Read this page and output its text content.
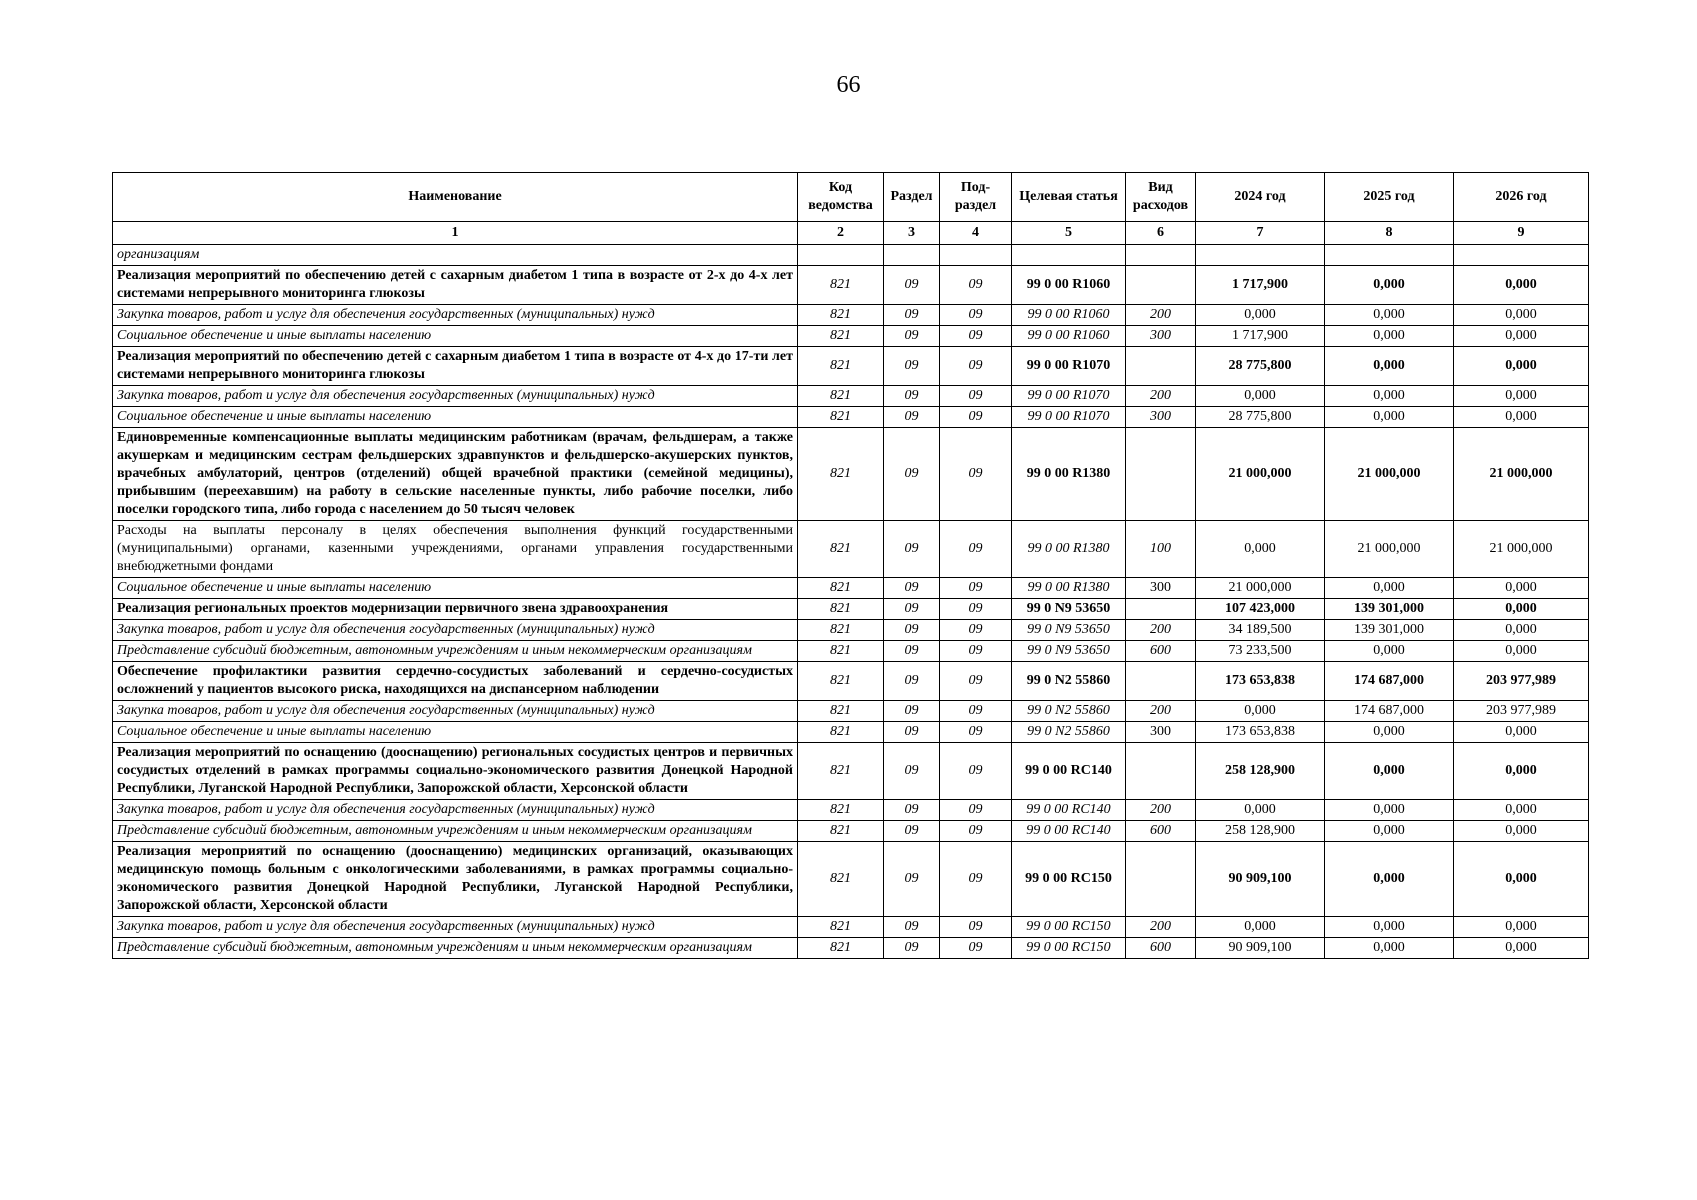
66
Наименование	Код ведомства	Раздел	Под-раздел	Целевая статья	Вид расходов	2024 год	2025 год	2026 год
1	2	3	4	5	6	7	8	9
организациям								
Реализация мероприятий по обеспечению детей с сахарным диабетом 1 типа в возрасте от 2-х до 4-х лет системами непрерывного мониторинга глюкозы	821	09	09	99 0 00 R1060		1 717,900	0,000	0,000
Закупка товаров, работ и услуг для обеспечения государственных (муниципальных) нужд	821	09	09	99 0 00 R1060	200	0,000	0,000	0,000
Социальное обеспечение и иные выплаты населению	821	09	09	99 0 00 R1060	300	1 717,900	0,000	0,000
Реализация мероприятий по обеспечению детей с сахарным диабетом 1 типа в возрасте от 4-х до 17-ти лет системами непрерывного мониторинга глюкозы	821	09	09	99 0 00 R1070		28 775,800	0,000	0,000
Закупка товаров, работ и услуг для обеспечения государственных (муниципальных) нужд	821	09	09	99 0 00 R1070	200	0,000	0,000	0,000
Социальное обеспечение и иные выплаты населению	821	09	09	99 0 00 R1070	300	28 775,800	0,000	0,000
Единовременные компенсационные выплаты медицинским работникам (врачам, фельдшерам, а также акушеркам и медицинским сестрам фельдшерских здравпунктов и фельдшерско-акушерских пунктов, врачебных амбулаторий, центров (отделений) общей врачебной практики (семейной медицины), прибывшим (переехавшим) на работу в сельские населенные пункты, либо рабочие поселки, либо поселки городского типа, либо города с населением до 50 тысяч человек	821	09	09	99 0 00 R1380		21 000,000	21 000,000	21 000,000
Расходы на выплаты персоналу в целях обеспечения выполнения функций государственными (муниципальными) органами, казенными учреждениями, органами управления государственными внебюджетными фондами	821	09	09	99 0 00 R1380	100	0,000	21 000,000	21 000,000
Социальное обеспечение и иные выплаты населению	821	09	09	99 0 00 R1380	300	21 000,000	0,000	0,000
Реализация региональных проектов модернизации первичного звена здравоохранения	821	09	09	99 0 N9 53650		107 423,000	139 301,000	0,000
Закупка товаров, работ и услуг для обеспечения государственных (муниципальных) нужд	821	09	09	99 0 N9 53650	200	34 189,500	139 301,000	0,000
Представление субсидий бюджетным, автономным учреждениям и иным некоммерческим организациям	821	09	09	99 0 N9 53650	600	73 233,500	0,000	0,000
Обеспечение профилактики развития сердечно-сосудистых заболеваний и сердечно-сосудистых осложнений у пациентов высокого риска, находящихся на диспансерном наблюдении	821	09	09	99 0 N2 55860		173 653,838	174 687,000	203 977,989
Закупка товаров, работ и услуг для обеспечения государственных (муниципальных) нужд	821	09	09	99 0 N2 55860	200	0,000	174 687,000	203 977,989
Социальное обеспечение и иные выплаты населению	821	09	09	99 0 N2 55860	300	173 653,838	0,000	0,000
Реализация мероприятий по оснащению (дооснащению) региональных сосудистых центров и первичных сосудистых отделений в рамках программы социально-экономического развития Донецкой Народной Республики, Луганской Народной Республики, Запорожской области, Херсонской области	821	09	09	99 0 00 RC140		258 128,900	0,000	0,000
Закупка товаров, работ и услуг для обеспечения государственных (муниципальных) нужд	821	09	09	99 0 00 RC140	200	0,000	0,000	0,000
Представление субсидий бюджетным, автономным учреждениям и иным некоммерческим организациям	821	09	09	99 0 00 RC140	600	258 128,900	0,000	0,000
Реализация мероприятий по оснащению (дооснащению) медицинских организаций, оказывающих медицинскую помощь больным с онкологическими заболеваниями, в рамках программы социально-экономического развития Донецкой Народной Республики, Луганской Народной Республики, Запорожской области, Херсонской области	821	09	09	99 0 00 RC150		90 909,100	0,000	0,000
Закупка товаров, работ и услуг для обеспечения государственных (муниципальных) нужд	821	09	09	99 0 00 RC150	200	0,000	0,000	0,000
Представление субсидий бюджетным, автономным учреждениям и иным некоммерческим организациям	821	09	09	99 0 00 RC150	600	90 909,100	0,000	0,000
